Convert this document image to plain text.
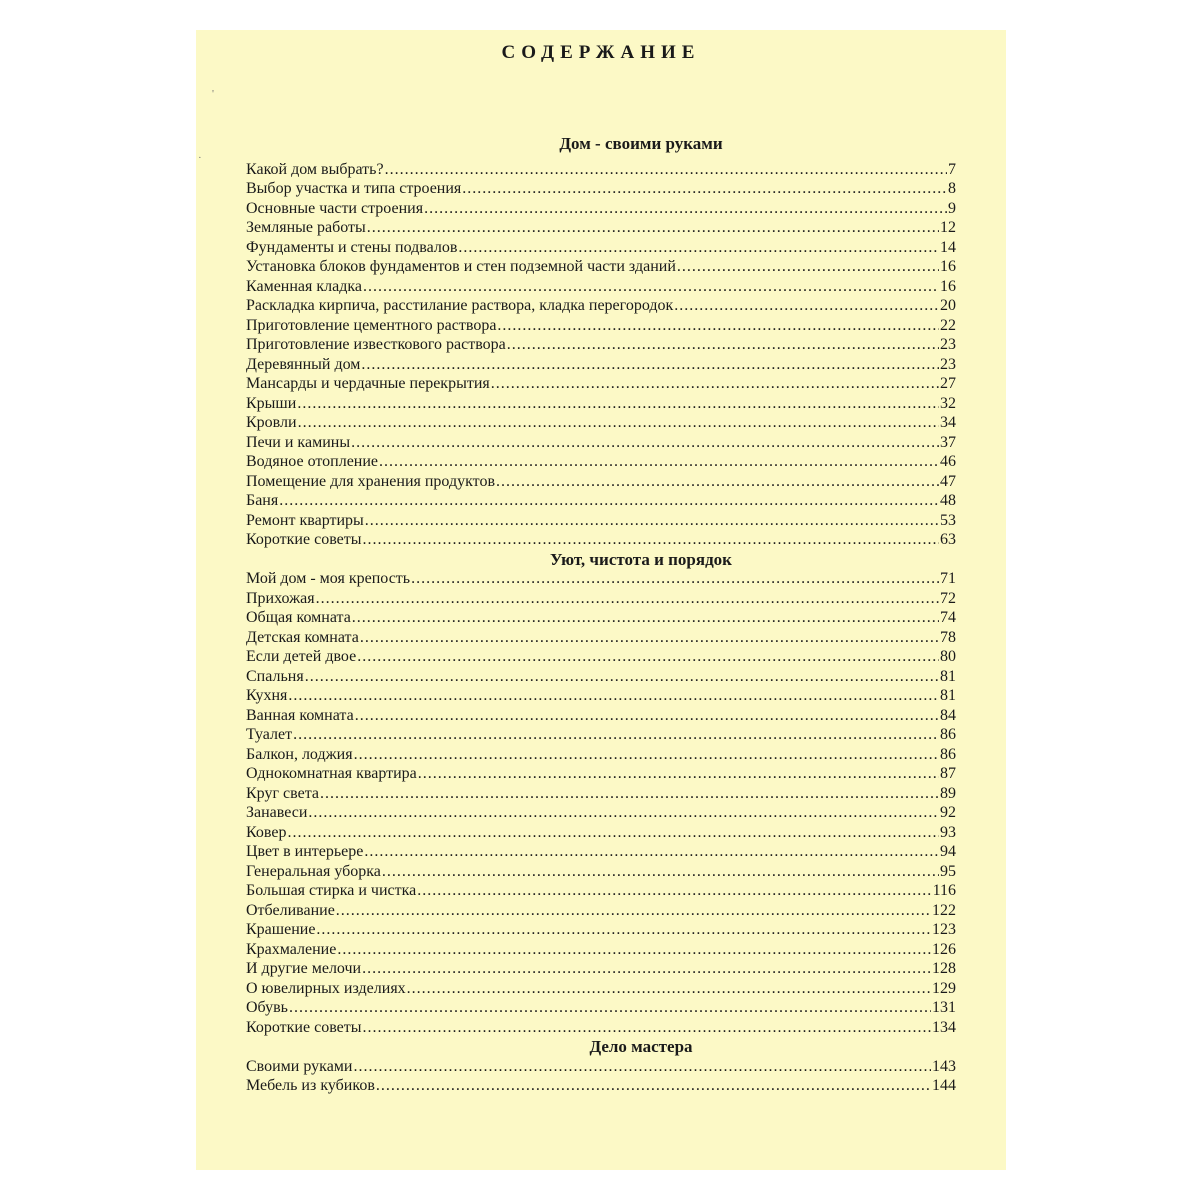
СОДЕРЖАНИЕ
'
·
Дом - своими руками
Какой дом выбрать? .....	7
Выбор участка и типа строения .....	8
Основные части строения .....	9
Земляные работы .....	12
Фундаменты и стены подвалов .....	14
Установка блоков фундаментов и стен подземной части зданий .....	16
Каменная кладка .....	16
Раскладка кирпича, расстилание раствора, кладка перегородок .....	20
Приготовление цементного раствора .....	22
Приготовление известкового раствора .....	23
Деревянный дом .....	23
Мансарды и чердачные перекрытия .....	27
Крыши .....	32
Кровли .....	34
Печи и камины .....	37
Водяное отопление .....	46
Помещение для хранения продуктов .....	47
Баня .....	48
Ремонт квартиры .....	53
Короткие советы .....	63
Уют, чистота и порядок
Мой дом - моя крепость .....	71
Прихожая .....	72
Общая комната .....	74
Детская комната .....	78
Если детей двое .....	80
Спальня .....	81
Кухня .....	81
Ванная комната .....	84
Туалет .....	86
Балкон, лоджия .....	86
Однокомнатная квартира .....	87
Круг света .....	89
Занавеси .....	92
Ковер .....	93
Цвет в интерьере .....	94
Генеральная уборка .....	95
Большая стирка и чистка .....	116
Отбеливание .....	122
Крашение .....	123
Крахмаление .....	126
И другие мелочи .....	128
О ювелирных изделиях .....	129
Обувь .....	131
Короткие советы .....	134
Дело мастера
Своими руками .....	143
Мебель из кубиков .....	144
